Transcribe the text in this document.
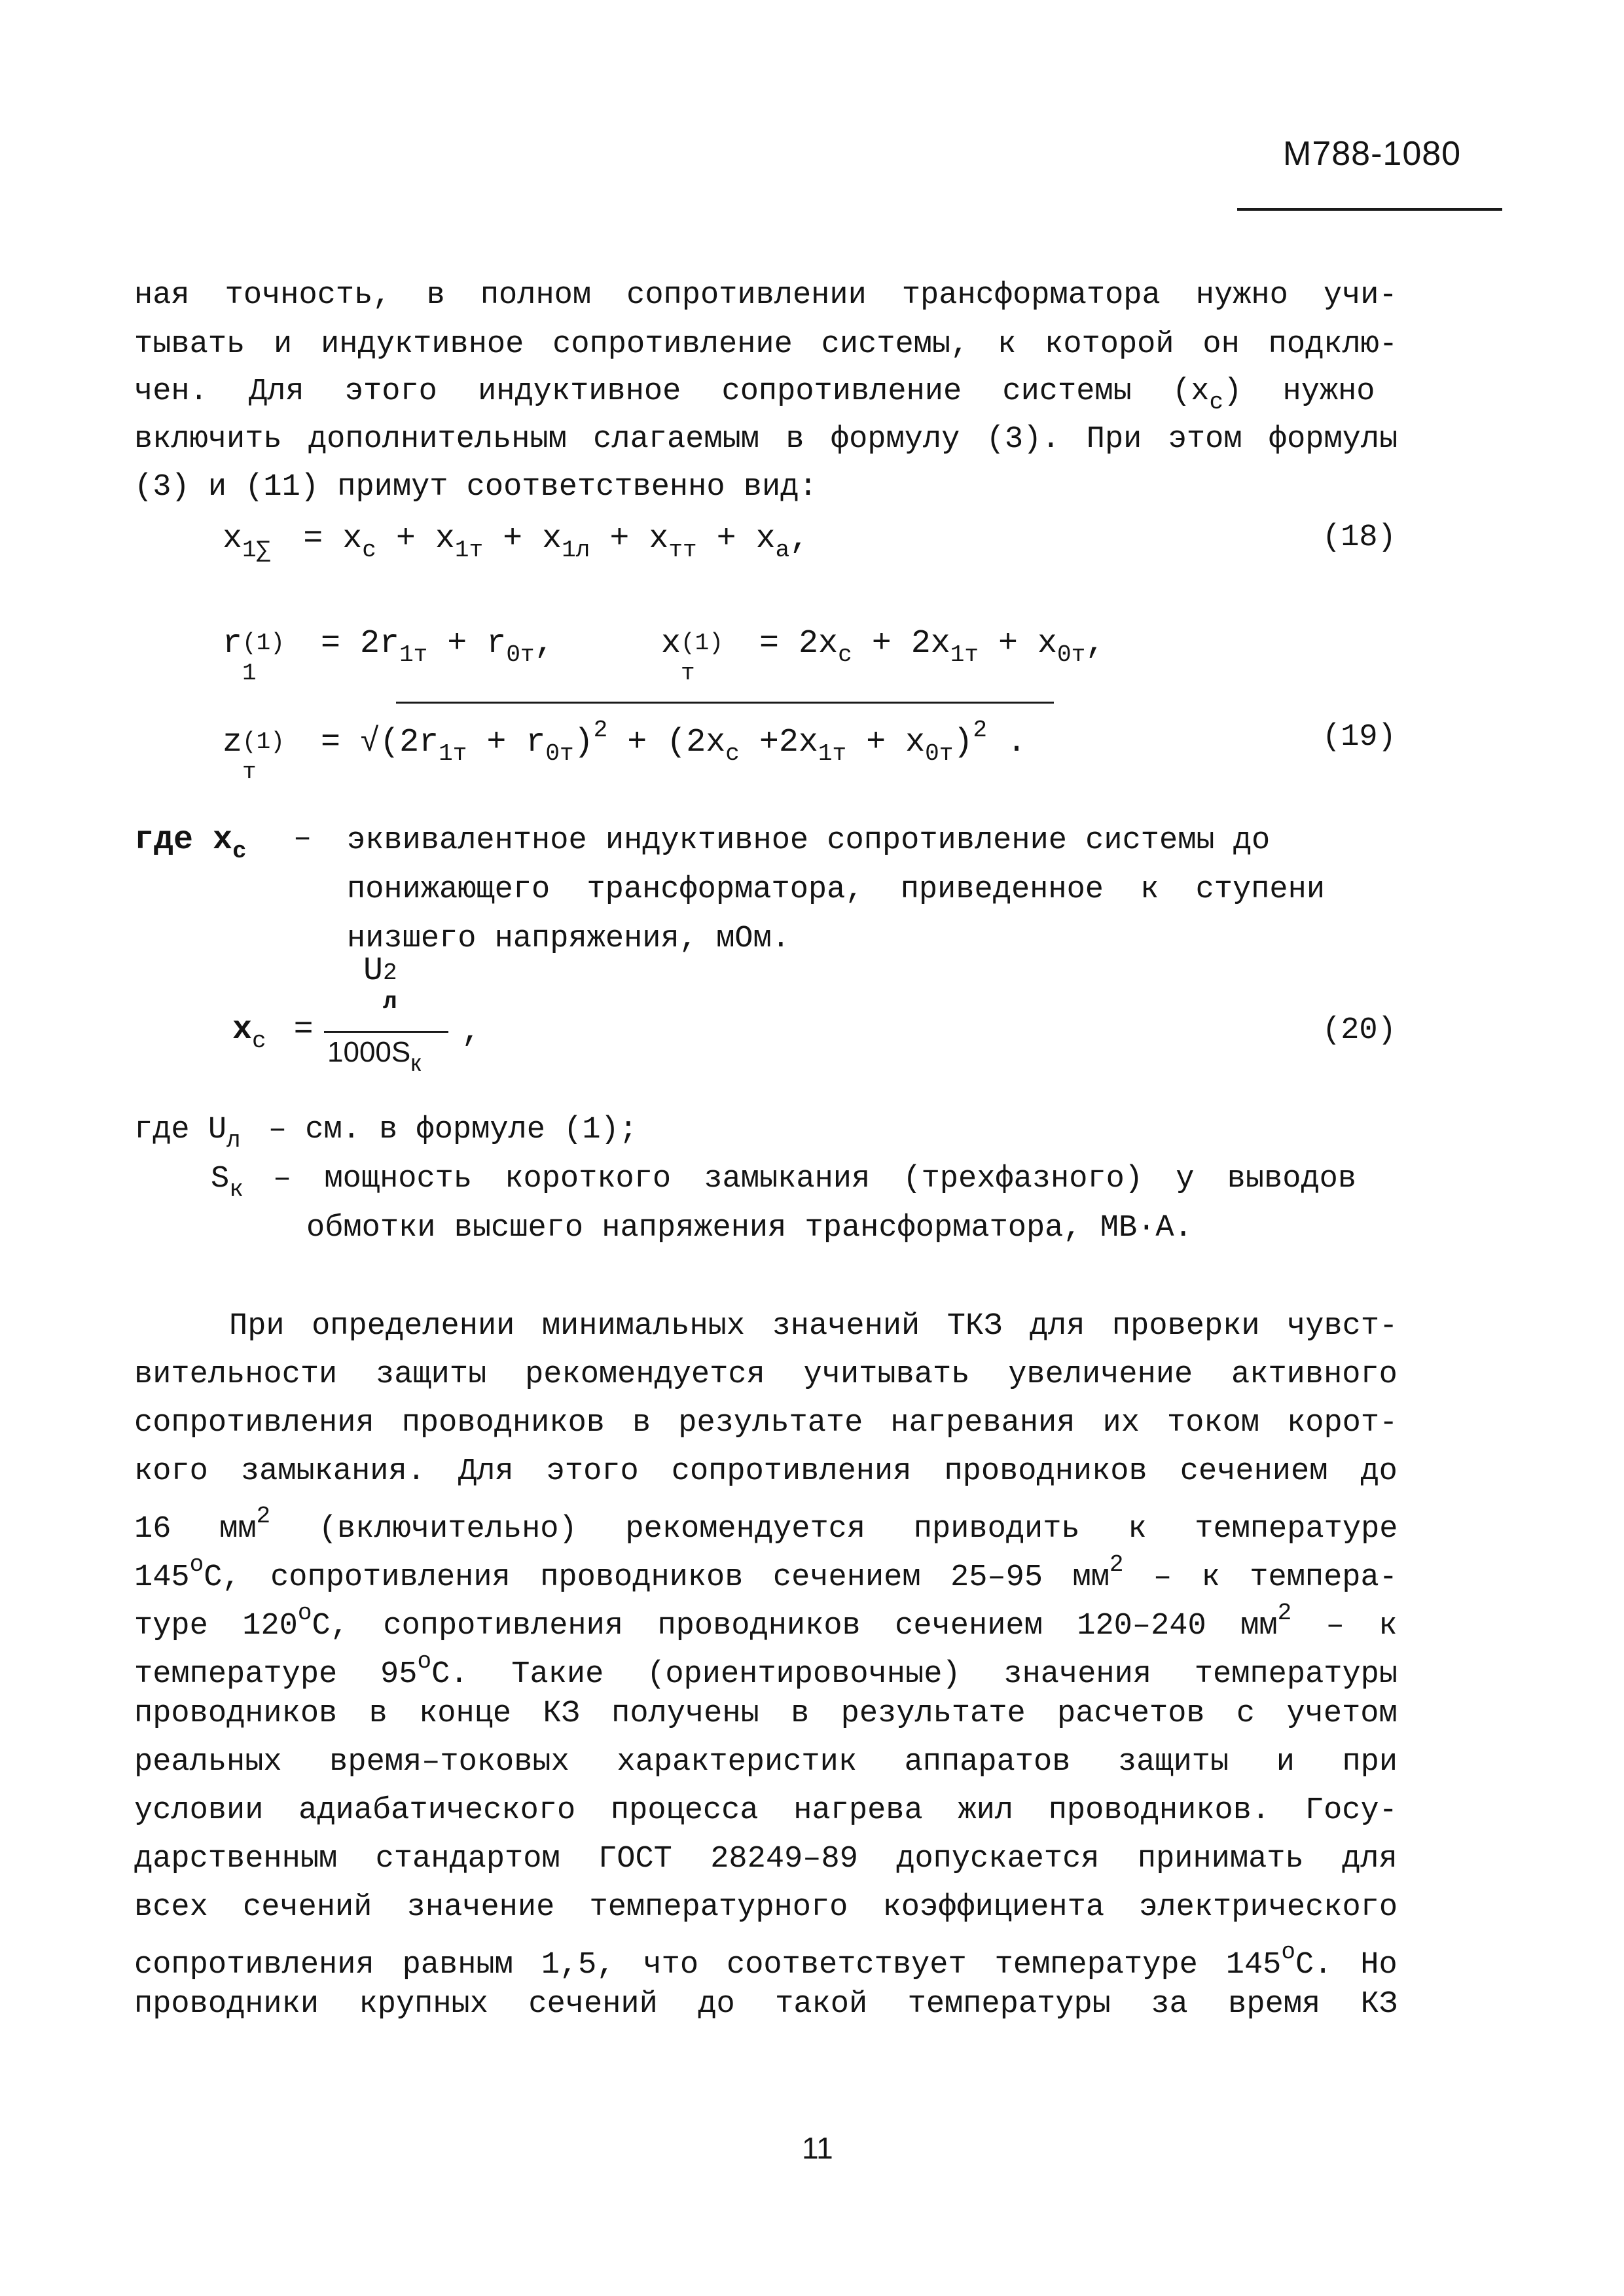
М788-1080
ная точность, в полном сопротивлении трансформатора нужно учи-
тывать и индуктивное сопротивление системы, к которой он подклю-
чен. Для этого индуктивное сопротивление системы $(x_c)$ нужно
включить дополнительным слагаемым в формулу (3). При этом формулы
(3) и (11) примут соответственно вид:
$x_{1\sum} = x_c + x_{1т} + x_{1л} + x_{тт} + x_a$,	(18)
r (1)
1
= $2r_{1т} + r_{0т}$,	x (1)
т
= $2x_c + 2x_{1т} + x_{0т}$,
z (1)
т
= $√(2r_{1т} + r_{0т})^2 + (2x_c +2x_{1т} + x_{0т})^2$ .	(19)
где $x_c$ – эквивалентное индуктивное сопротивление системы до
понижающего трансформатора, приведенное к ступени
низшего напряжения, мОм.
U 2
л
$x_c$ =
$1000S_к$
,	(20)
где $U_л$ – см. в формуле (1);
$S_к$ – мощность короткого замыкания (трехфазного) у выводов
обмотки высшего напряжения трансформатора, МВ·А.
При определении минимальных значений ТКЗ для проверки чувст-
вительности защиты рекомендуется учитывать увеличение активного
сопротивления проводников в результате нагревания их током корот-
кого замыкания. Для этого сопротивления проводников сечением до
16 $мм^2$ (включительно) рекомендуется приводить к температуре
145$^o$C, сопротивления проводников сечением 25–95 $мм^2$ – к темпера-
туре 120$^o$C, сопротивления проводников сечением 120–240 $мм^2$ – к
температуре 95$^o$C. Такие (ориентировочные) значения температуры
проводников в конце КЗ получены в результате расчетов с учетом
реальных время–токовых характеристик аппаратов защиты и при
условии адиабатического процесса нагрева жил проводников. Госу-
дарственным стандартом ГОСТ 28249–89 допускается принимать для
всех сечений значение температурного коэффициента электрического
сопротивления равным 1,5, что соответствует температуре 145$^o$C. Но
проводники крупных сечений до такой температуры за время КЗ
11
